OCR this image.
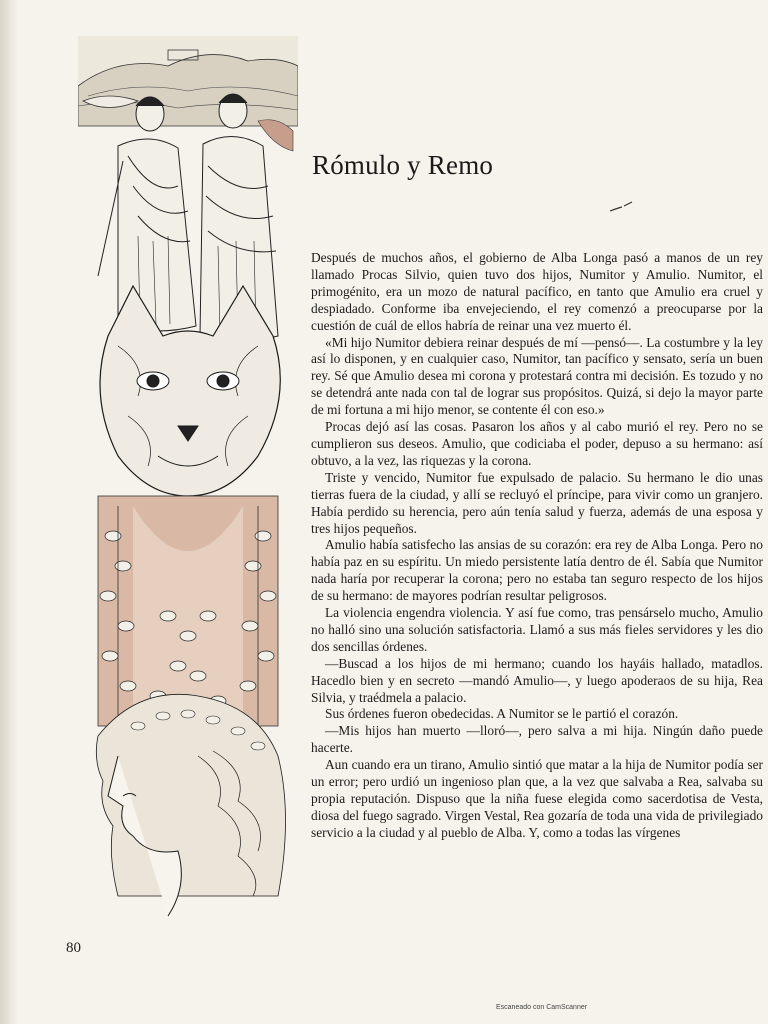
Rómulo y Remo

Después de muchos años, el gobierno de Alba Longa pasó a manos de un rey llamado Procas Silvio, quien tuvo dos hijos, Numitor y Amulio. Numitor, el primogénito, era un mozo de natural pacífico, en tanto que Amulio era cruel y despiadado. Conforme iba envejeciendo, el rey comenzó a preocuparse por la cuestión de cuál de ellos habría de reinar una vez muerto él.

«Mi hijo Numitor debiera reinar después de mí —pensó—. La costumbre y la ley así lo disponen, y en cualquier caso, Numitor, tan pacífico y sensato, sería un buen rey. Sé que Amulio desea mi corona y protestará contra mi decisión. Es tozudo y no se detendrá ante nada con tal de lograr sus propósitos. Quizá, si dejo la mayor parte de mi fortuna a mi hijo menor, se contente él con eso.»

Procas dejó así las cosas. Pasaron los años y al cabo murió el rey. Pero no se cumplieron sus deseos. Amulio, que codiciaba el poder, depuso a su hermano: así obtuvo, a la vez, las riquezas y la corona.

Triste y vencido, Numitor fue expulsado de palacio. Su hermano le dio unas tierras fuera de la ciudad, y allí se recluyó el príncipe, para vivir como un granjero. Había perdido su herencia, pero aún tenía salud y fuerza, además de una esposa y tres hijos pequeños.

Amulio había satisfecho las ansias de su corazón: era rey de Alba Longa. Pero no había paz en su espíritu. Un miedo persistente latía dentro de él. Sabía que Numitor nada haría por recuperar la corona; pero no estaba tan seguro respecto de los hijos de su hermano: de mayores podrían resultar peligrosos.

La violencia engendra violencia. Y así fue como, tras pensárselo mucho, Amulio no halló sino una solución satisfactoria. Llamó a sus más fieles servidores y les dio dos sencillas órdenes.

—Buscad a los hijos de mi hermano; cuando los hayáis hallado, matadlos. Hacedlo bien y en secreto —mandó Amulio—, y luego apoderaos de su hija, Rea Silvia, y traédmela a palacio.

Sus órdenes fueron obedecidas. A Numitor se le partió el corazón.

—Mis hijos han muerto —lloró—, pero salva a mi hija. Ningún daño puede hacerte.

Aun cuando era un tirano, Amulio sintió que matar a la hija de Numitor podía ser un error; pero urdió un ingenioso plan que, a la vez que salvaba a Rea, salvaba su propia reputación. Dispuso que la niña fuese elegida como sacerdotisa de Vesta, diosa del fuego sagrado. Virgen Vestal, Rea gozaría de toda una vida de privilegiado servicio a la ciudad y al pueblo de Alba. Y, como a todas las vírgenes

80
Escaneado con CamScanner
